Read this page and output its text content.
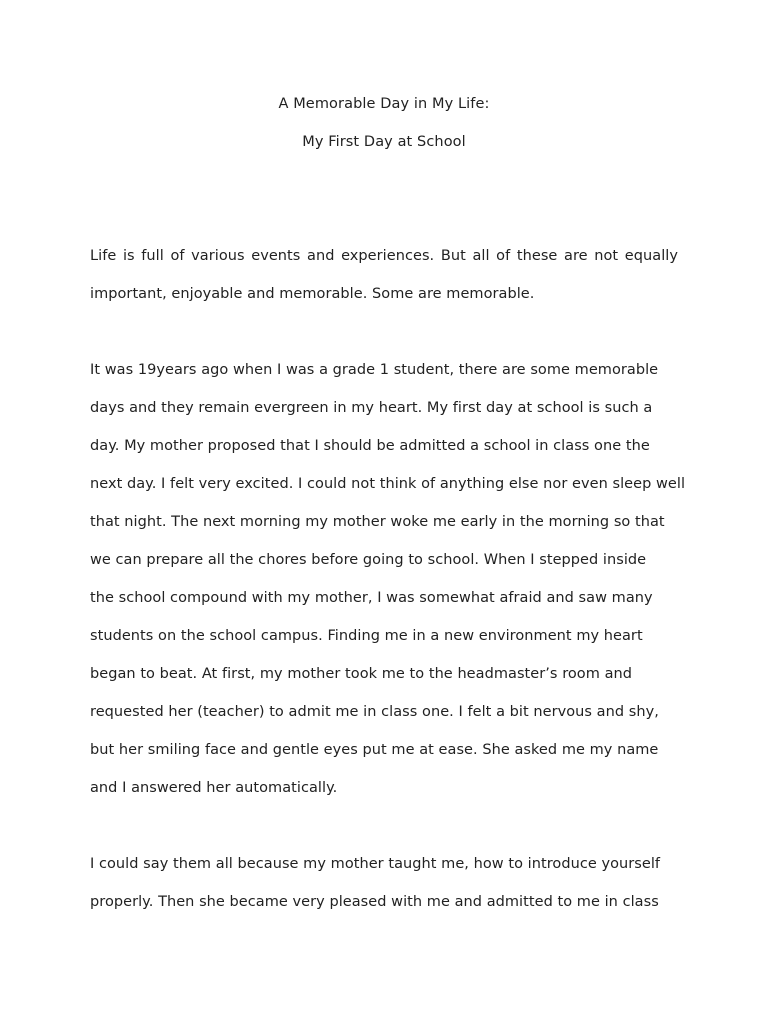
A Memorable Day in My Life:
My First Day at School
Life is full of various events and experiences. But all of these are not equally
important, enjoyable and memorable. Some are memorable.
It was 19years ago when I was a grade 1 student, there are some memorable
days and they remain evergreen in my heart. My first day at school is such a
day. My mother proposed that I should be admitted a school in class one the
next day. I felt very excited. I could not think of anything else nor even sleep well
that night. The next morning my mother woke me early in the morning so that
we can prepare all the chores before going to school. When I stepped inside
the school compound with my mother, I was somewhat afraid and saw many
students on the school campus. Finding me in a new environment my heart
began to beat. At first, my mother took me to the headmaster’s room and
requested her (teacher) to admit me in class one. I felt a bit nervous and shy,
but her smiling face and gentle eyes put me at ease. She asked me my name
and I answered her automatically.
I could say them all because my mother taught me, how to introduce yourself
properly. Then she became very pleased with me and admitted to me in class
